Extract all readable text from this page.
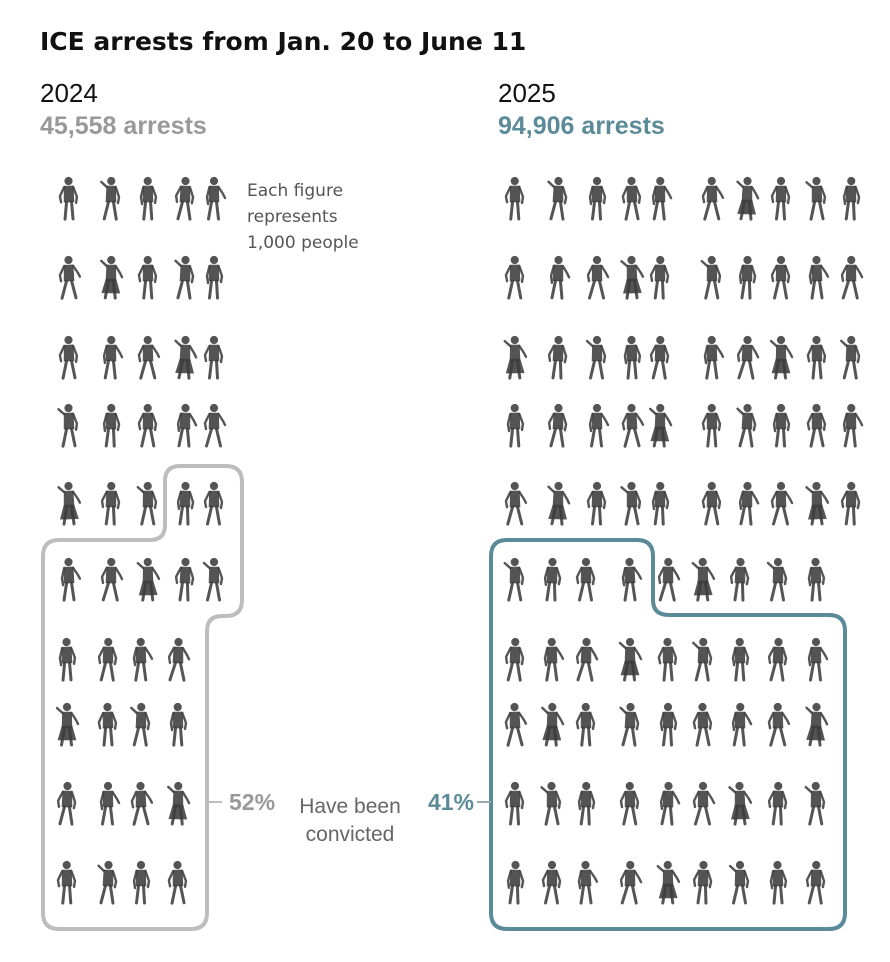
ICE arrests from Jan. 20 to June 11
2024
45,558 arrests
2025
94,906 arrests
Each figure
represents
1,000 people
52%	41%
Have been
convicted
